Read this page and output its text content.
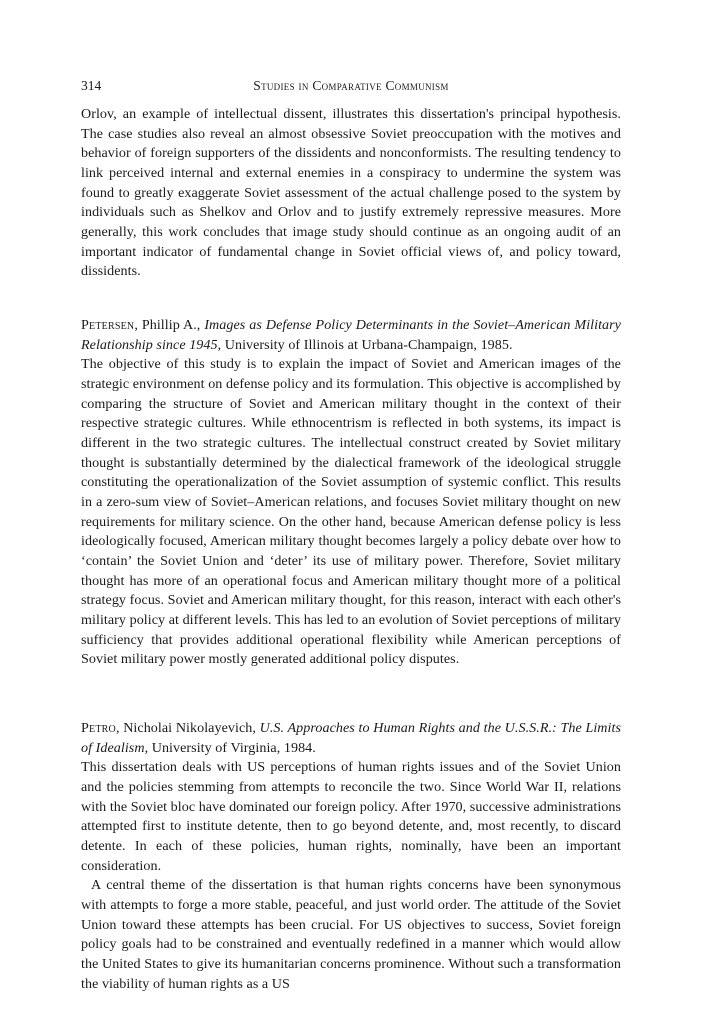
314	Studies in Comparative Communism

Orlov, an example of intellectual dissent, illustrates this dissertation's principal hypothesis. The case studies also reveal an almost obsessive Soviet preoccupation with the motives and behavior of foreign supporters of the dissidents and nonconformists. The resulting tendency to link perceived internal and external enemies in a conspiracy to undermine the system was found to greatly exaggerate Soviet assessment of the actual challenge posed to the system by individuals such as Shelkov and Orlov and to justify extremely repressive measures. More generally, this work concludes that image study should continue as an ongoing audit of an important indicator of fundamental change in Soviet official views of, and policy toward, dissidents.

Petersen, Phillip A., Images as Defense Policy Determinants in the Soviet–American Military Relationship since 1945, University of Illinois at Urbana-Champaign, 1985.

The objective of this study is to explain the impact of Soviet and American images of the strategic environment on defense policy and its formulation. This objective is accomplished by comparing the structure of Soviet and American military thought in the context of their respective strategic cultures. While ethnocentrism is reflected in both systems, its impact is different in the two strategic cultures. The intellectual construct created by Soviet military thought is substantially determined by the dialectical framework of the ideological struggle constituting the operationalization of the Soviet assumption of systemic conflict. This results in a zero-sum view of Soviet–American relations, and focuses Soviet military thought on new requirements for military science. On the other hand, because American defense policy is less ideologically focused, American military thought becomes largely a policy debate over how to ‘contain’ the Soviet Union and ‘deter’ its use of military power. Therefore, Soviet military thought has more of an operational focus and American military thought more of a political strategy focus. Soviet and American military thought, for this reason, interact with each other's military policy at different levels. This has led to an evolution of Soviet perceptions of military sufficiency that provides additional operational flexibility while American perceptions of Soviet military power mostly generated additional policy disputes.

Petro, Nicholai Nikolayevich, U.S. Approaches to Human Rights and the U.S.S.R.: The Limits of Idealism, University of Virginia, 1984.

This dissertation deals with US perceptions of human rights issues and of the Soviet Union and the policies stemming from attempts to reconcile the two. Since World War II, relations with the Soviet bloc have dominated our foreign policy. After 1970, successive administrations attempted first to institute detente, then to go beyond detente, and, most recently, to discard detente. In each of these policies, human rights, nominally, have been an important consideration.

A central theme of the dissertation is that human rights concerns have been synonymous with attempts to forge a more stable, peaceful, and just world order. The attitude of the Soviet Union toward these attempts has been crucial. For US objectives to success, Soviet foreign policy goals had to be constrained and eventually redefined in a manner which would allow the United States to give its humanitarian concerns prominence. Without such a transformation the viability of human rights as a US
